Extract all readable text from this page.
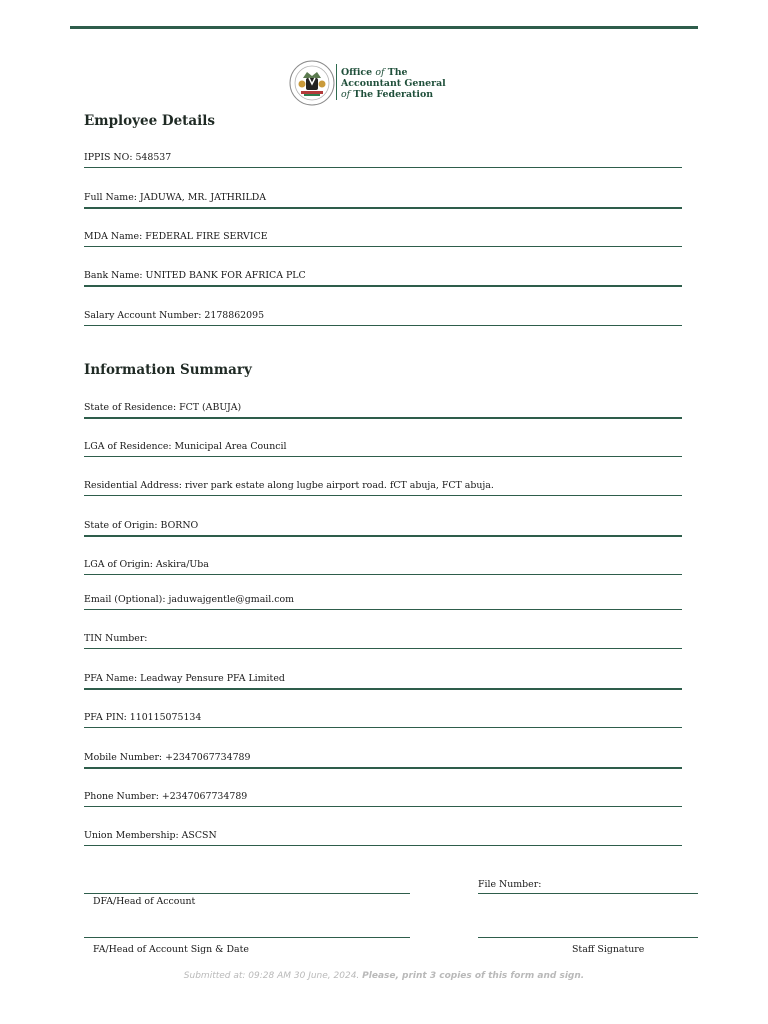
Office of The
Accountant General
of The Federation
Employee Details
IPPIS NO: 548537
Full Name: JADUWA, MR. JATHRILDA
MDA Name: FEDERAL FIRE SERVICE
Bank Name: UNITED BANK FOR AFRICA PLC
Salary Account Number: 2178862095
Information Summary
State of Residence: FCT (ABUJA)
LGA of Residence: Municipal Area Council
Residential Address: river park estate along lugbe airport road. fCT abuja, FCT abuja.
State of Origin: BORNO
LGA of Origin: Askira/Uba
Email (Optional): jaduwajgentle@gmail.com
TIN Number:
PFA Name: Leadway Pensure PFA Limited
PFA PIN: 110115075134
Mobile Number: +2347067734789
Phone Number: +2347067734789
Union Membership: ASCSN
File Number:
DFA/Head of Account
FA/Head of Account Sign & Date	Staff Signature
Submitted at: 09:28 AM 30 June, 2024. Please, print 3 copies of this form and sign.
